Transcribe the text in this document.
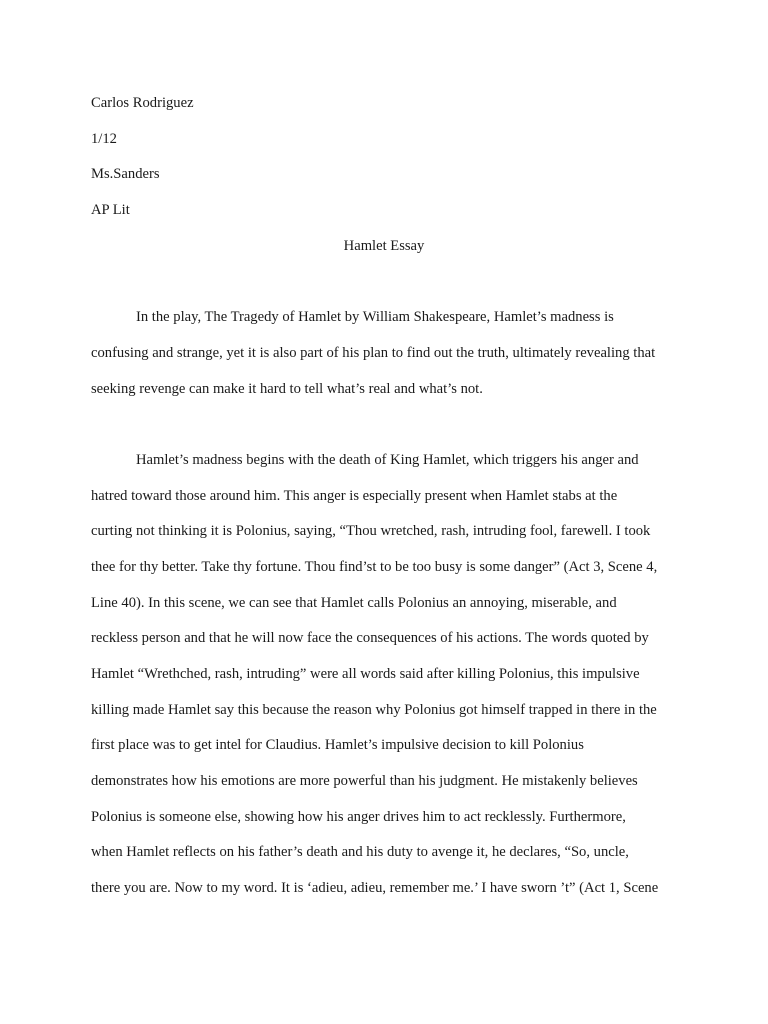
Carlos Rodriguez
1/12
Ms.Sanders
AP Lit
Hamlet Essay
In the play, The Tragedy of Hamlet by William Shakespeare, Hamlet’s madness is
confusing and strange, yet it is also part of his plan to find out the truth, ultimately revealing that
seeking revenge can make it hard to tell what’s real and what’s not.
Hamlet’s madness begins with the death of King Hamlet, which triggers his anger and
hatred toward those around him. This anger is especially present when Hamlet stabs at the
curting not thinking it is Polonius, saying, “Thou wretched, rash, intruding fool, farewell. I took
thee for thy better. Take thy fortune. Thou find’st to be too busy is some danger” (Act 3, Scene 4,
Line 40). In this scene, we can see that Hamlet calls Polonius an annoying, miserable, and
reckless person and that he will now face the consequences of his actions. The words quoted by
Hamlet “Wrethched, rash, intruding” were all words said after killing Polonius, this impulsive
killing made Hamlet say this because the reason why Polonius got himself trapped in there in the
first place was to get intel for Claudius. Hamlet’s impulsive decision to kill Polonius
demonstrates how his emotions are more powerful than his judgment. He mistakenly believes
Polonius is someone else, showing how his anger drives him to act recklessly. Furthermore,
when Hamlet reflects on his father’s death and his duty to avenge it, he declares, “So, uncle,
there you are. Now to my word. It is ‘adieu, adieu, remember me.’ I have sworn ’t” (Act 1, Scene
